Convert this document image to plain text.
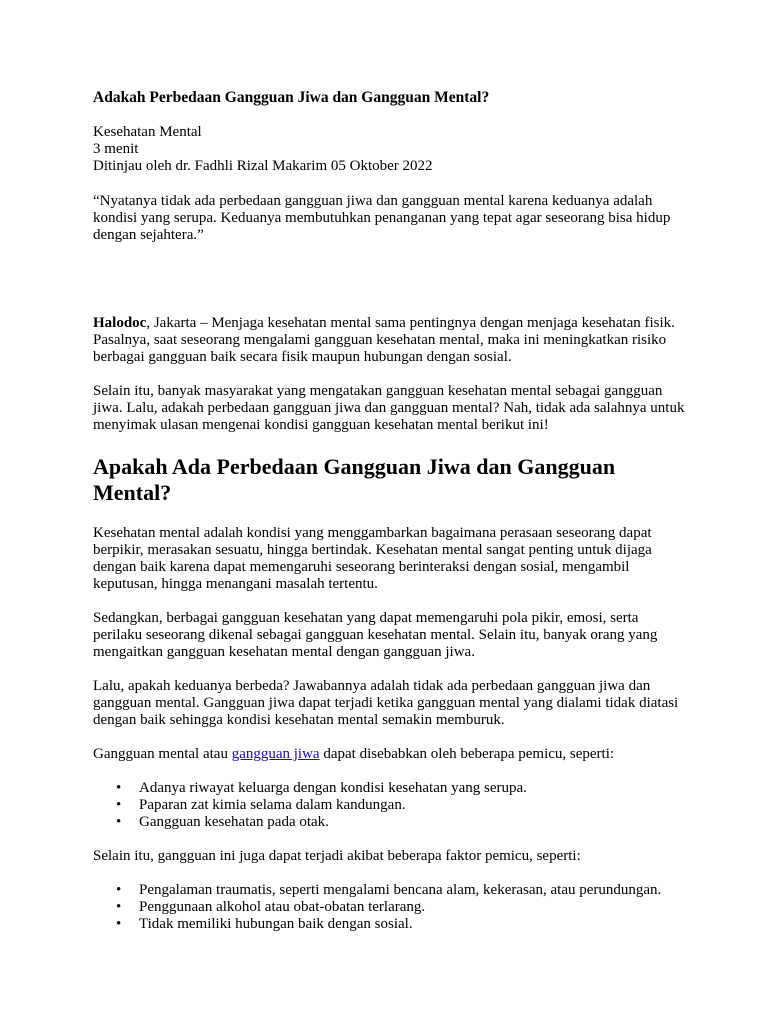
Adakah Perbedaan Gangguan Jiwa dan Gangguan Mental?
Kesehatan Mental
3 menit
Ditinjau oleh dr. Fadhli Rizal Makarim 05 Oktober 2022

“Nyatanya tidak ada perbedaan gangguan jiwa dan gangguan mental karena keduanya adalah kondisi yang serupa. Keduanya membutuhkan penanganan yang tepat agar seseorang bisa hidup dengan sejahtera.”

Halodoc, Jakarta – Menjaga kesehatan mental sama pentingnya dengan menjaga kesehatan fisik. Pasalnya, saat seseorang mengalami gangguan kesehatan mental, maka ini meningkatkan risiko berbagai gangguan baik secara fisik maupun hubungan dengan sosial.

Selain itu, banyak masyarakat yang mengatakan gangguan kesehatan mental sebagai gangguan jiwa. Lalu, adakah perbedaan gangguan jiwa dan gangguan mental? Nah, tidak ada salahnya untuk menyimak ulasan mengenai kondisi gangguan kesehatan mental berikut ini!

Apakah Ada Perbedaan Gangguan Jiwa dan Gangguan Mental?

Kesehatan mental adalah kondisi yang menggambarkan bagaimana perasaan seseorang dapat berpikir, merasakan sesuatu, hingga bertindak. Kesehatan mental sangat penting untuk dijaga dengan baik karena dapat memengaruhi seseorang berinteraksi dengan sosial, mengambil keputusan, hingga menangani masalah tertentu.

Sedangkan, berbagai gangguan kesehatan yang dapat memengaruhi pola pikir, emosi, serta perilaku seseorang dikenal sebagai gangguan kesehatan mental. Selain itu, banyak orang yang mengaitkan gangguan kesehatan mental dengan gangguan jiwa.

Lalu, apakah keduanya berbeda? Jawabannya adalah tidak ada perbedaan gangguan jiwa dan gangguan mental. Gangguan jiwa dapat terjadi ketika gangguan mental yang dialami tidak diatasi dengan baik sehingga kondisi kesehatan mental semakin memburuk.

Gangguan mental atau gangguan jiwa dapat disebabkan oleh beberapa pemicu, seperti:

• Adanya riwayat keluarga dengan kondisi kesehatan yang serupa.
• Paparan zat kimia selama dalam kandungan.
• Gangguan kesehatan pada otak.

Selain itu, gangguan ini juga dapat terjadi akibat beberapa faktor pemicu, seperti:

• Pengalaman traumatis, seperti mengalami bencana alam, kekerasan, atau perundungan.
• Penggunaan alkohol atau obat-obatan terlarang.
• Tidak memiliki hubungan baik dengan sosial.
